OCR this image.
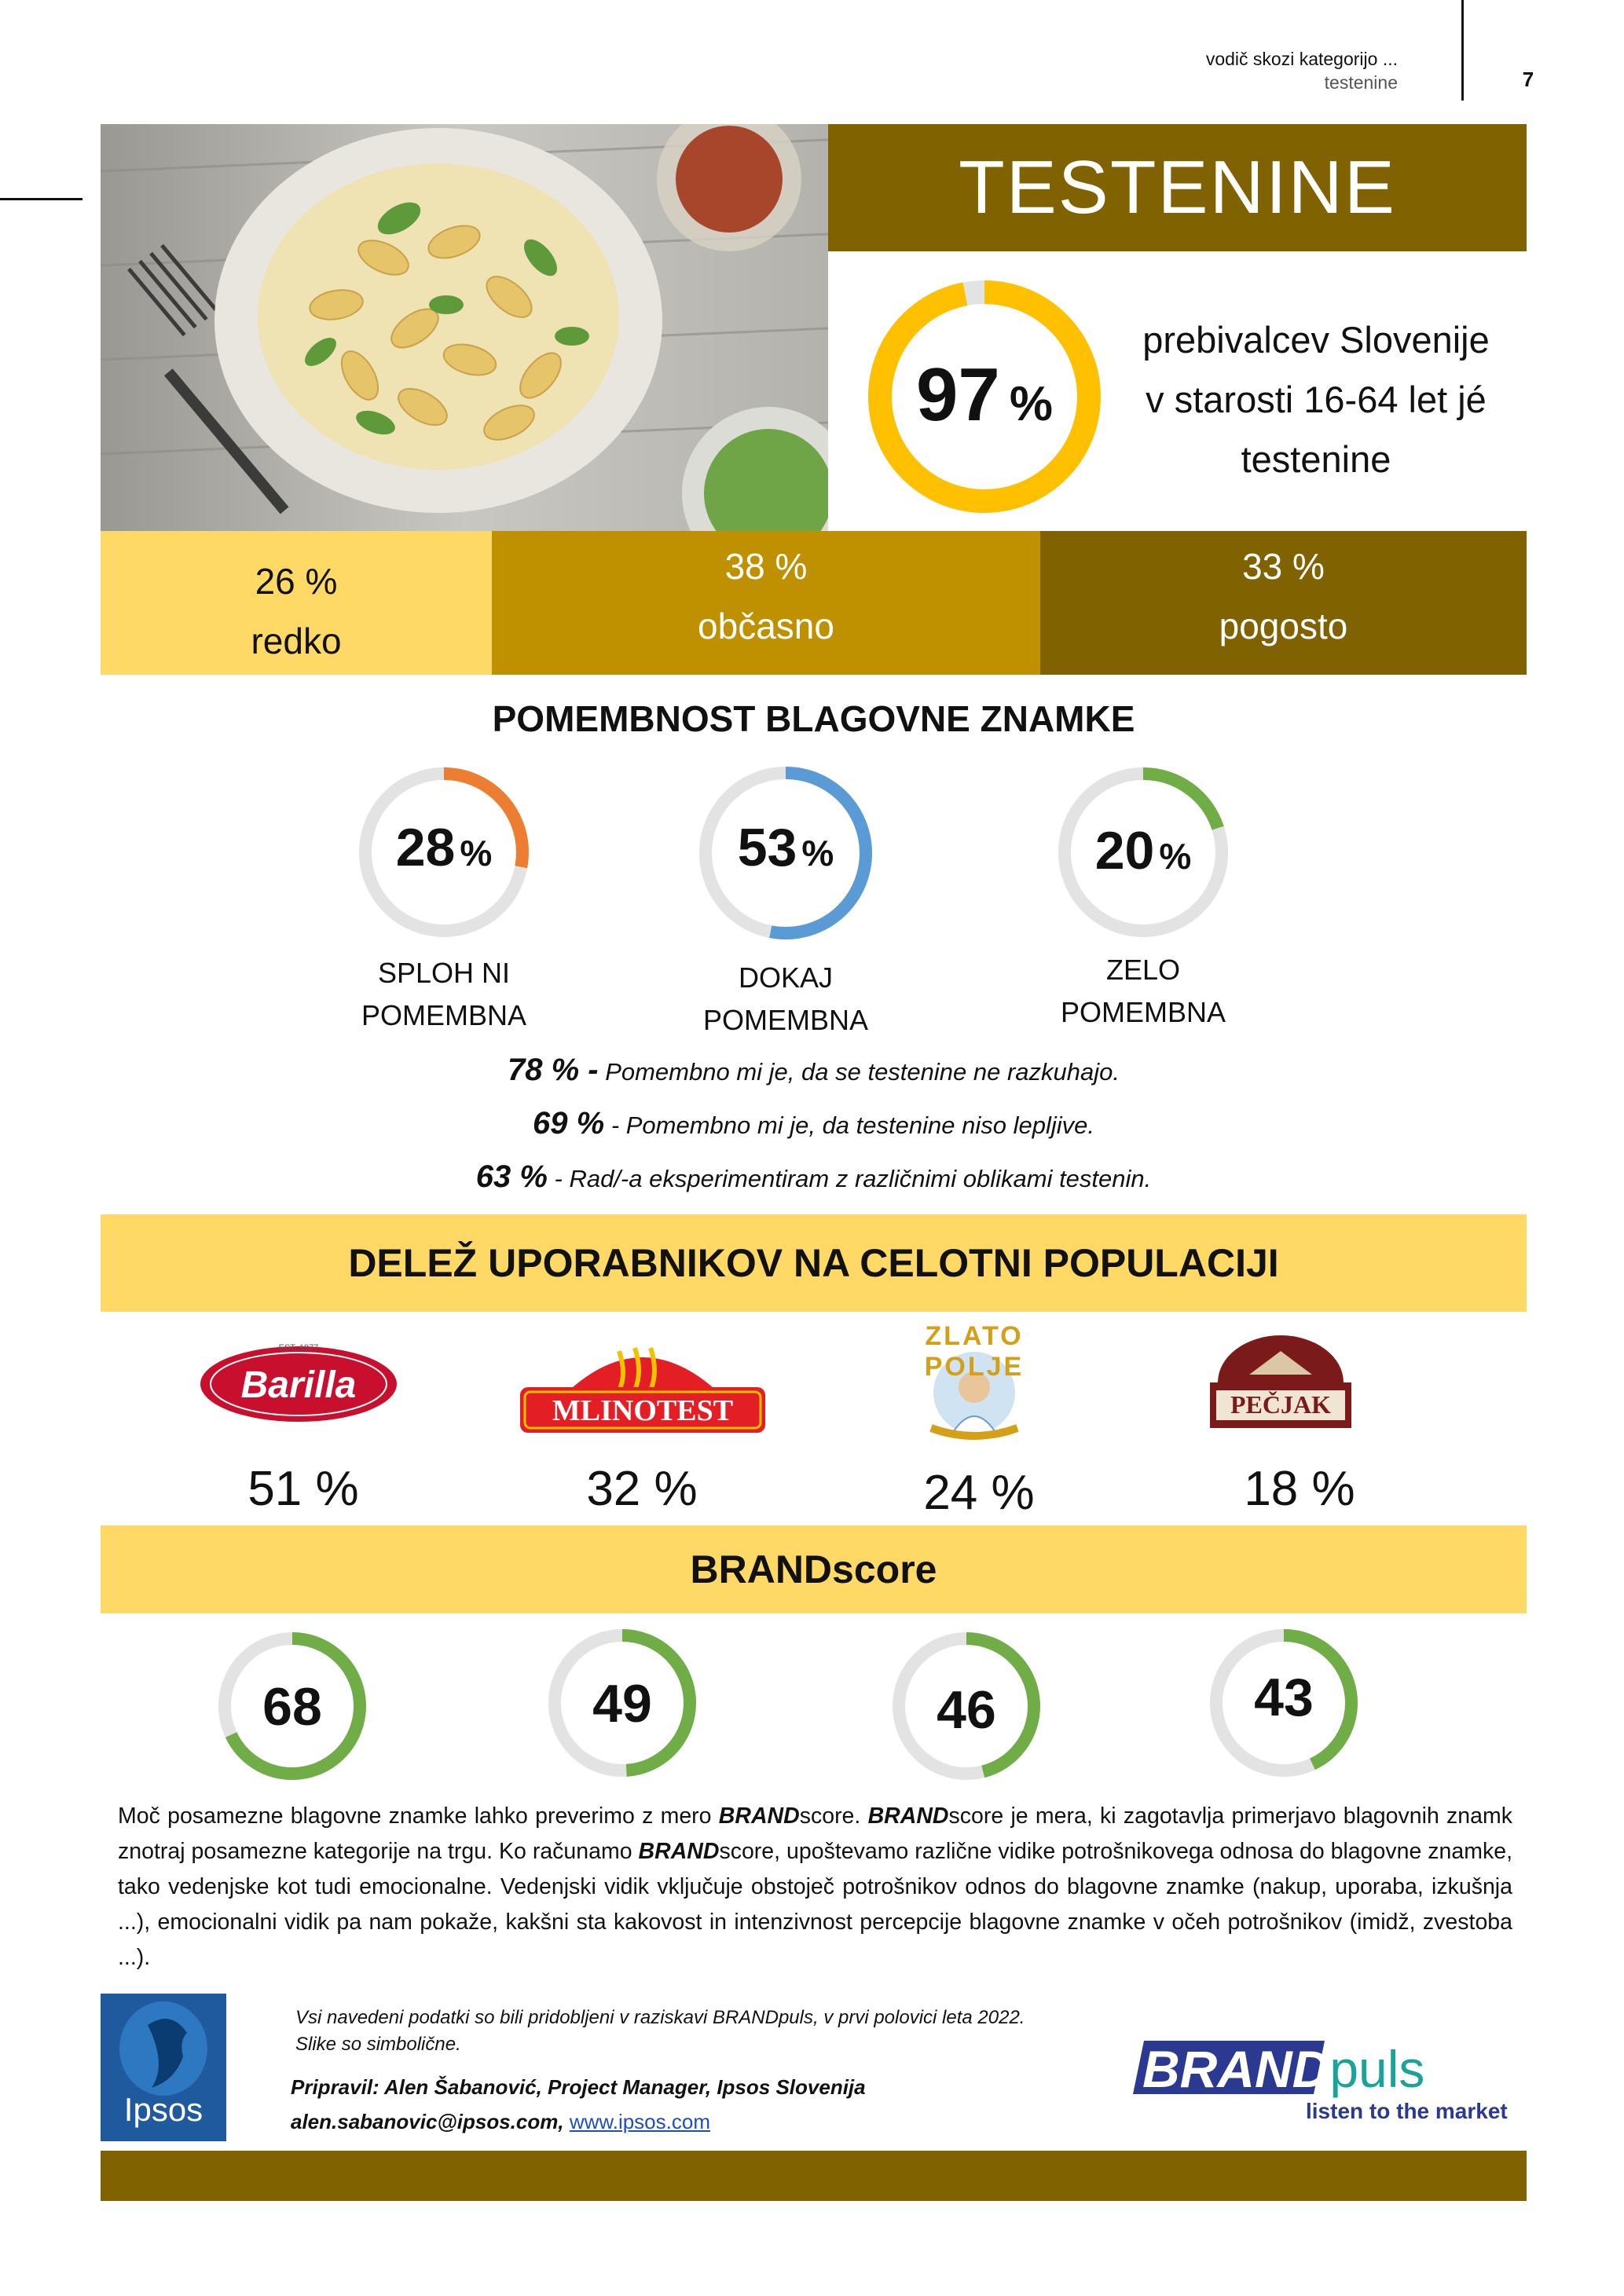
vodič skozi kategorijo ...
testenine	7
TESTENINE
97 %
prebivalcev Slovenije
v starosti 16-64 let jé
testenine
26 %
redko
38 %
občasno
33 %
pogosto
POMEMBNOST BLAGOVNE ZNAMKE
28 %
SPLOH NI
POMEMBNA
53 %
DOKAJ
POMEMBNA
20 %
ZELO
POMEMBNA
78 % - Pomembno mi je, da se testenine ne razkuhajo.
69 % - Pomembno mi je, da testenine niso lepljive.
63 % - Rad/-a eksperimentiram z različnimi oblikami testenin.
DELEŽ UPORABNIKOV NA CELOTNI POPULACIJI
EST. 1877
Barilla
MLINOTEST
ZLATO POLJE
PEČJAK
51 %	32 %	24 %	18 %
BRANDscore
68	49	46	43
Moč posamezne blagovne znamke lahko preverimo z mero BRANDscore. BRANDscore je mera, ki zagotavlja primerjavo blagovnih znamk znotraj posamezne kategorije na trgu. Ko računamo BRANDscore, upoštevamo različne vidike potrošnikovega odnosa do blagovne znamke, tako vedenjske kot tudi emocionalne. Vedenjski vidik vključuje obstoječ potrošnikov odnos do blagovne znamke (nakup, uporaba, izkušnja ...), emocionalni vidik pa nam pokaže, kakšni sta kakovost in intenzivnost percepcije blagovne znamke v očeh potrošnikov (imidž, zvestoba ...).
Ipsos
Vsi navedeni podatki so bili pridobljeni v raziskavi BRANDpuls, v prvi polovici leta 2022.
Slike so simbolične.
Pripravil: Alen Šabanović, Project Manager, Ipsos Slovenija
alen.sabanovic@ipsos.com, www.ipsos.com
BRANDpuls
listen to the market
